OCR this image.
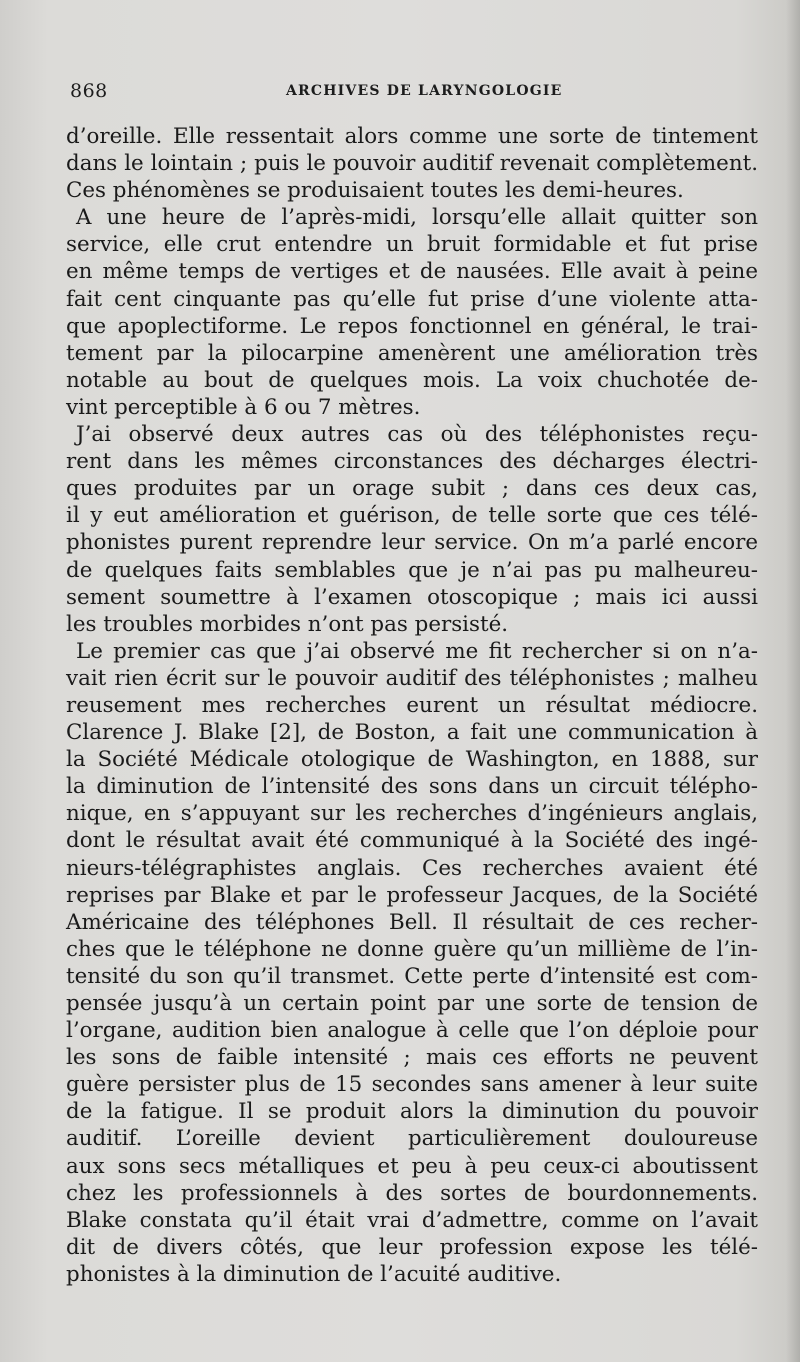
868	ARCHIVES DE LARYNGOLOGIE
d’oreille. Elle ressentait alors comme une sorte de tintement
dans le lointain ; puis le pouvoir auditif revenait complètement.
Ces phénomènes se produisaient toutes les demi-heures.
A une heure de l’après-midi, lorsqu’elle allait quitter son
service, elle crut entendre un bruit formidable et fut prise
en même temps de vertiges et de nausées. Elle avait à peine
fait cent cinquante pas qu’elle fut prise d’une violente atta-
que apoplectiforme. Le repos fonctionnel en général, le trai-
tement par la pilocarpine amenèrent une amélioration très
notable au bout de quelques mois. La voix chuchotée de-
vint perceptible à 6 ou 7 mètres.
J’ai observé deux autres cas où des téléphonistes reçu-
rent dans les mêmes circonstances des décharges électri-
ques produites par un orage subit ; dans ces deux cas,
il y eut amélioration et guérison, de telle sorte que ces télé-
phonistes purent reprendre leur service. On m’a parlé encore
de quelques faits semblables que je n’ai pas pu malheureu-
sement soumettre à l’examen otoscopique ; mais ici aussi
les troubles morbides n’ont pas persisté.
Le premier cas que j’ai observé me fit rechercher si on n’a-
vait rien écrit sur le pouvoir auditif des téléphonistes ; malheu
reusement mes recherches eurent un résultat médiocre.
Clarence J. Blake [2], de Boston, a fait une communication à
la Société Médicale otologique de Washington, en 1888, sur
la diminution de l’intensité des sons dans un circuit télépho-
nique, en s’appuyant sur les recherches d’ingénieurs anglais,
dont le résultat avait été communiqué à la Société des ingé-
nieurs-télégraphistes anglais. Ces recherches avaient été
reprises par Blake et par le professeur Jacques, de la Société
Américaine des téléphones Bell. Il résultait de ces recher-
ches que le téléphone ne donne guère qu’un millième de l’in-
tensité du son qu’il transmet. Cette perte d’intensité est com-
pensée jusqu’à un certain point par une sorte de tension de
l’organe, audition bien analogue à celle que l’on déploie pour
les sons de faible intensité ; mais ces efforts ne peuvent
guère persister plus de 15 secondes sans amener à leur suite
de la fatigue. Il se produit alors la diminution du pouvoir
auditif. L’oreille devient particulièrement douloureuse
aux sons secs métalliques et peu à peu ceux-ci aboutissent
chez les professionnels à des sortes de bourdonnements.
Blake constata qu’il était vrai d’admettre, comme on l’avait
dit de divers côtés, que leur profession expose les télé-
phonistes à la diminution de l’acuité auditive.
